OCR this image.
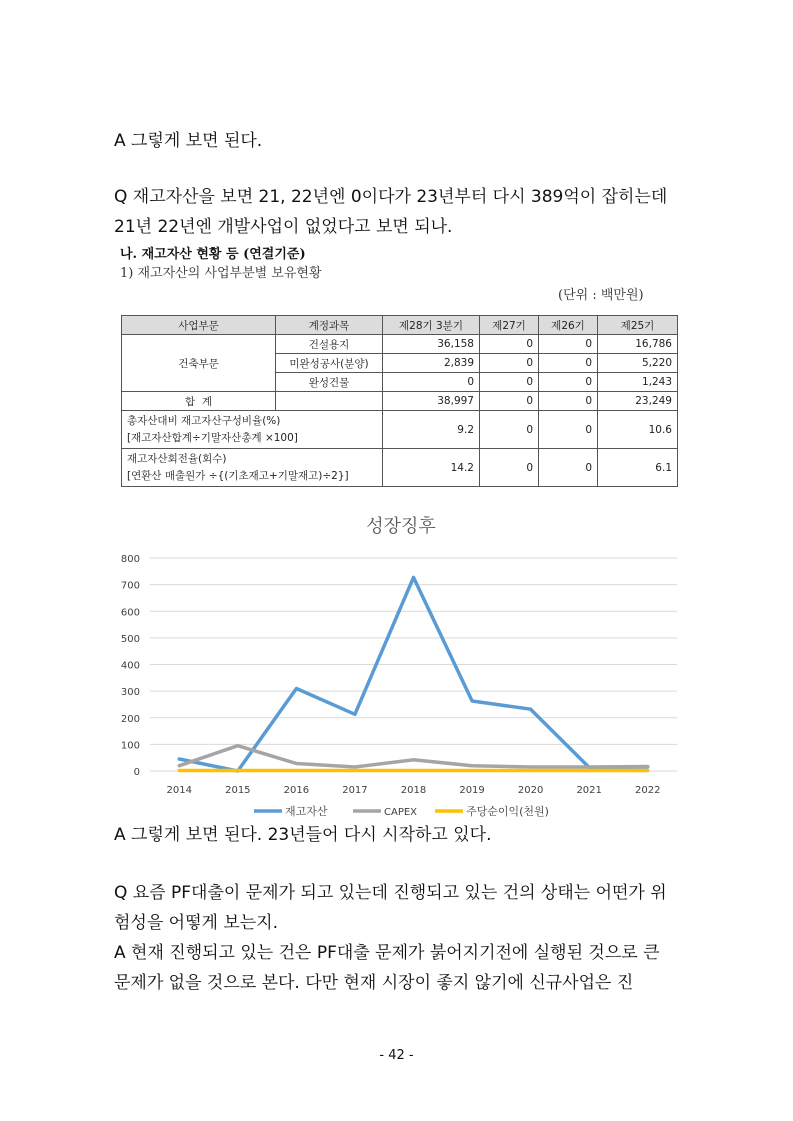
A 그렇게 보면 된다.

Q 재고자산을 보면 21, 22년엔 0이다가 23년부터 다시 389억이 잡히는데 21년 22년엔 개발사업이 없었다고 보면 되나.

나. 재고자산 현황 등 (연결기준)
1) 재고자산의 사업부분별 보유현황
(단위 : 백만원)
사업부문	계정과목	제28기 3분기	제27기	제26기	제25기
건축부문	건설용지	36,158	0	0	16,786
	미완성공사(분양)	2,839	0	0	5,220
	완성건물	0	0	0	1,243
합  계		38,997	0	0	23,249

총자산대비 재고자산구성비율(%)
[재고자산합계÷기말자산총계 ×100]		9.2	0	0	10.6

재고자산회전율(회수)
[연환산 매출원가 ÷{(기초재고+기말재고)÷2}]		14.2	0	0	6.1
성장징후
0
100
200
300
400
500
600
700
800
2014	2015	2016	2017	2018	2019	2020	2021	2022
재고자산	CAPEX	주당순이익(천원)

A 그렇게 보면 된다. 23년들어 다시 시작하고 있다.

Q 요즘 PF대출이 문제가 되고 있는데 진행되고 있는 건의 상태는 어떤가 위험성을 어떻게 보는지.

A 현재 진행되고 있는 건은 PF대출 문제가 붉어지기전에 실행된 것으로 큰 문제가 없을 것으로 본다. 다만 현재 시장이 좋지 않기에 신규사업은 진

- 42 -
